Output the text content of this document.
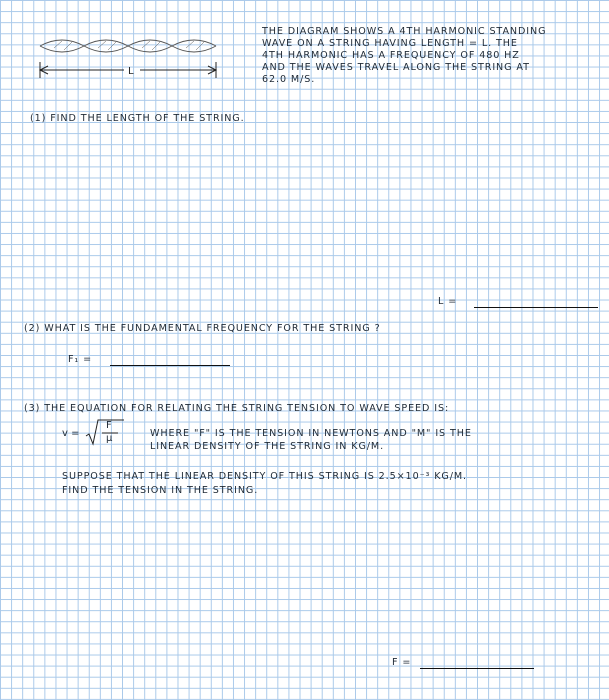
L
THE DIAGRAM SHOWS A 4TH HARMONIC STANDING
WAVE ON A STRING HAVING LENGTH = L. THE
4TH HARMONIC HAS A FREQUENCY OF 480 HZ
AND THE WAVES TRAVEL ALONG THE STRING AT
62.0 M/S.
(1) FIND THE LENGTH OF THE STRING.
L =
(2) WHAT IS THE FUNDAMENTAL FREQUENCY FOR THE STRING ?
F₁ =
(3) THE EQUATION FOR RELATING THE STRING TENSION TO WAVE SPEED IS:
v =
F
μ	WHERE "F" IS THE TENSION IN NEWTONS AND "Μ" IS THE
LINEAR DENSITY OF THE STRING IN KG/M.
SUPPOSE THAT THE LINEAR DENSITY OF THIS STRING IS 2.5×10⁻³ KG/M.
FIND THE TENSION IN THE STRING.
F =
